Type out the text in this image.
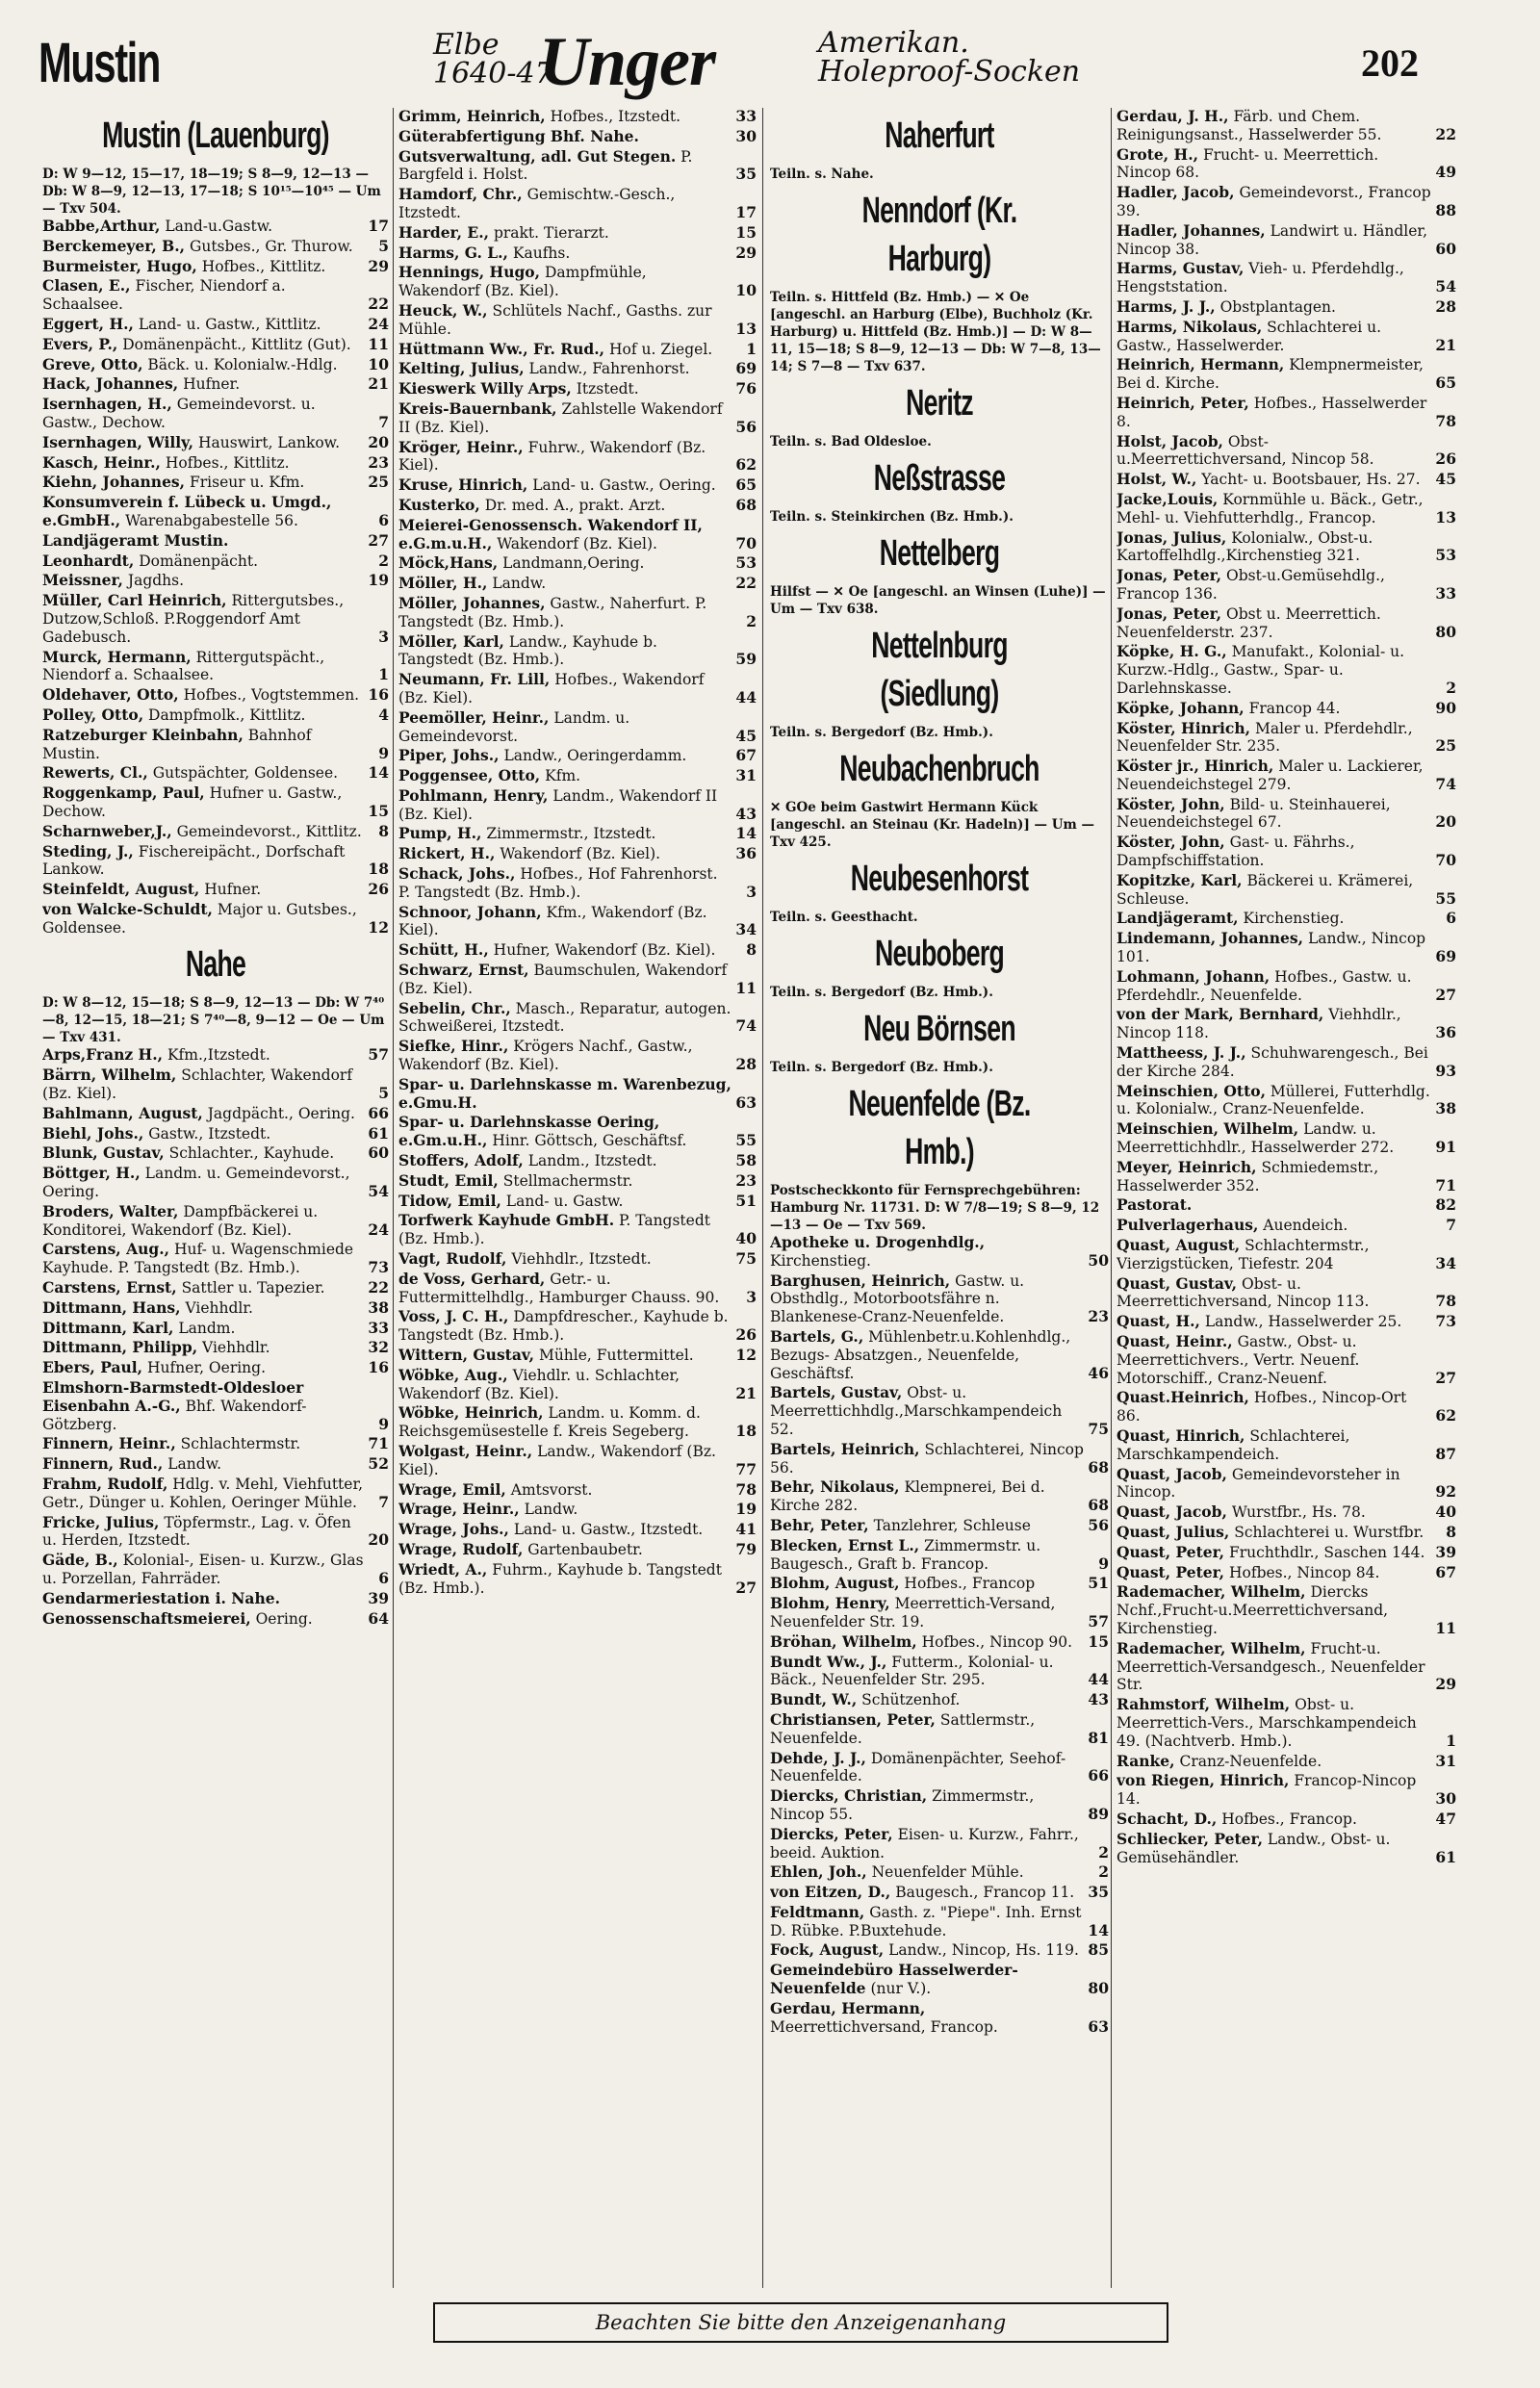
Mustin	Elbe
1640-47
Unger	Amerikan.
Holeproof-Socken	202
Mustin (Lauenburg)
D: W 9—12, 15—17, 18—19; S 8—9, 12—13 — Db: W 8—9, 12—13, 17—18; S 10¹⁵—10⁴⁵ — Um — Txv 504.
Babbe,Arthur, Land-u.Gastw.	17
Berckemeyer, B., Gutsbes., Gr. Thurow. 5
Burmeister, Hugo, Hofbes., Kittlitz.	29
Clasen, E., Fischer, Niendorf a. Schaalsee.	22
Eggert, H., Land- u. Gastw., Kittlitz.	24
Evers, P., Domänenpächt., Kittlitz (Gut). 11
Greve, Otto, Bäck. u. Kolonialw.-Hdlg. 10
Hack, Johannes, Hufner.	21
Isernhagen, H., Gemeindevorst. u. Gastw., Dechow.	7
Isernhagen, Willy, Hauswirt, Lankow. 20
Kasch, Heinr., Hofbes., Kittlitz.	23
Kiehn, Johannes, Friseur u. Kfm.	25
Konsumverein f. Lübeck u. Umgd., e.GmbH., Warenabgabestelle 56.	6
Landjägeramt Mustin.	27
Leonhardt, Domänenpächt.	2
Meissner, Jagdhs.	19
Müller, Carl Heinrich, Rittergutsbes., Dutzow,Schloß. P.Roggendorf Amt Gadebusch.	3
Murck, Hermann, Rittergutspächt., Niendorf a. Schaalsee.	1
Oldehaver, Otto, Hofbes., Vogtstemmen. 16
Polley, Otto, Dampfmolk., Kittlitz.	4
Ratzeburger Kleinbahn, Bahnhof Mustin.	9
Rewerts, Cl., Gutspächter, Goldensee. 14
Roggenkamp, Paul, Hufner u. Gastw., Dechow.	15
Scharnweber,J., Gemeindevorst., Kittlitz. 8
Steding, J., Fischereipächt., Dorfschaft Lankow.	18
Steinfeldt, August, Hufner.	26
von Walcke-Schuldt, Major u. Gutsbes., Goldensee.	12
Nahe
D: W 8—12, 15—18; S 8—9, 12—13 — Db: W 7⁴⁰—8, 12—15, 18—21; S 7⁴⁰—8, 9—12 — Oe — Um — Txv 431.
Arps,Franz H., Kfm.,Itzstedt.	57
Bärrn, Wilhelm, Schlachter, Wakendorf (Bz. Kiel).	5
Bahlmann, August, Jagdpächt., Oering. 66
Biehl, Johs., Gastw., Itzstedt.	61
Blunk, Gustav, Schlachter., Kayhude. 60
Böttger, H., Landm. u. Gemeindevorst., Oering.	54
Broders, Walter, Dampfbäckerei u. Konditorei, Wakendorf (Bz. Kiel).	24
Carstens, Aug., Huf- u. Wagenschmiede Kayhude. P. Tangstedt (Bz. Hmb.).	73
Carstens, Ernst, Sattler u. Tapezier.	22
Dittmann, Hans, Viehhdlr.	38
Dittmann, Karl, Landm.	33
Dittmann, Philipp, Viehhdlr.	32
Ebers, Paul, Hufner, Oering.	16
Elmshorn-Barmstedt-Oldesloer Eisenbahn A.-G., Bhf. Wakendorf-Götzberg.	9
Finnern, Heinr., Schlachtermstr.	71
Finnern, Rud., Landw.	52
Frahm, Rudolf, Hdlg. v. Mehl, Viehfutter, Getr., Dünger u. Kohlen, Oeringer Mühle. 7
Fricke, Julius, Töpfermstr., Lag. v. Öfen u. Herden, Itzstedt.	20
Gäde, B., Kolonial-, Eisen- u. Kurzw., Glas u. Porzellan, Fahrräder.	6
Gendarmeriestation i. Nahe.	39
Genossenschaftsmeierei, Oering.	64
Grimm, Heinrich, Hofbes., Itzstedt.	33
Güterabfertigung Bhf. Nahe.	30
Gutsverwaltung, adl. Gut Stegen. P. Bargfeld i. Holst.	35
Hamdorf, Chr., Gemischtw.-Gesch., Itzstedt.	17
Harder, E., prakt. Tierarzt.	15
Harms, G. L., Kaufhs.	29
Hennings, Hugo, Dampfmühle, Wakendorf (Bz. Kiel).	10
Heuck, W., Schlütels Nachf., Gasths. zur Mühle.	13
Hüttmann Ww., Fr. Rud., Hof u. Ziegel. 1
Kelting, Julius, Landw., Fahrenhorst.	69
Kieswerk Willy Arps, Itzstedt.	76
Kreis-Bauernbank, Zahlstelle Wakendorf II (Bz. Kiel).	56
Kröger, Heinr., Fuhrw., Wakendorf (Bz. Kiel).	62
Kruse, Hinrich, Land- u. Gastw., Oering. 65
Kusterko, Dr. med. A., prakt. Arzt.	68
Meierei-Genossensch. Wakendorf II, e.G.m.u.H., Wakendorf (Bz. Kiel).	70
Möck,Hans, Landmann,Oering.	53
Möller, H., Landw.	22
Möller, Johannes, Gastw., Naherfurt. P. Tangstedt (Bz. Hmb.).	2
Möller, Karl, Landw., Kayhude b. Tangstedt (Bz. Hmb.).	59
Neumann, Fr. Lill, Hofbes., Wakendorf (Bz. Kiel).	44
Peemöller, Heinr., Landm. u. Gemeindevorst.	45
Piper, Johs., Landw., Oeringerdamm.	67
Poggensee, Otto, Kfm.	31
Pohlmann, Henry, Landm., Wakendorf II (Bz. Kiel).	43
Pump, H., Zimmermstr., Itzstedt.	14
Rickert, H., Wakendorf (Bz. Kiel).	36
Schack, Johs., Hofbes., Hof Fahrenhorst. P. Tangstedt (Bz. Hmb.).	3
Schnoor, Johann, Kfm., Wakendorf (Bz. Kiel).	34
Schütt, H., Hufner, Wakendorf (Bz. Kiel). 8
Schwarz, Ernst, Baumschulen, Wakendorf (Bz. Kiel).	11
Sebelin, Chr., Masch., Reparatur, autogen. Schweißerei, Itzstedt.	74
Siefke, Hinr., Krögers Nachf., Gastw., Wakendorf (Bz. Kiel).	28
Spar- u. Darlehnskasse m. Warenbezug, e.Gmu.H.	63
Spar- u. Darlehnskasse Oering, e.Gm.u.H., Hinr. Göttsch, Geschäftsf.	55
Stoffers, Adolf, Landm., Itzstedt.	58
Studt, Emil, Stellmachermstr.	23
Tidow, Emil, Land- u. Gastw.	51
Torfwerk Kayhude GmbH. P. Tangstedt (Bz. Hmb.).	40
Vagt, Rudolf, Viehhdlr., Itzstedt.	75
de Voss, Gerhard, Getr.- u. Futtermittelhdlg., Hamburger Chauss. 90. 3
Voss, J. C. H., Dampfdrescher., Kayhude b. Tangstedt (Bz. Hmb.).	26
Wittern, Gustav, Mühle, Futtermittel.	12
Wöbke, Aug., Viehdlr. u. Schlachter, Wakendorf (Bz. Kiel).	21
Wöbke, Heinrich, Landm. u. Komm. d. Reichsgemüsestelle f. Kreis Segeberg.	18
Wolgast, Heinr., Landw., Wakendorf (Bz. Kiel).	77
Wrage, Emil, Amtsvorst.	78
Wrage, Heinr., Landw.	19
Wrage, Johs., Land- u. Gastw., Itzstedt. 41
Wrage, Rudolf, Gartenbaubetr.	79
Wriedt, A., Fuhrm., Kayhude b. Tangstedt (Bz. Hmb.).	27
Naherfurt
Teiln. s. Nahe.
Nenndorf (Kr. Harburg)
Teiln. s. Hittfeld (Bz. Hmb.) — ✕ Oe [angeschl. an Harburg (Elbe), Buchholz (Kr. Harburg) u. Hittfeld (Bz. Hmb.)] — D: W 8—11, 15—18; S 8—9, 12—13 — Db: W 7—8, 13—14; S 7—8 — Txv 637.
Neritz
Teiln. s. Bad Oldesloe.
Neßstrasse
Teiln. s. Steinkirchen (Bz. Hmb.).
Nettelberg
Hilfst — ✕ Oe [angeschl. an Winsen (Luhe)] — Um — Txv 638.
Nettelnburg (Siedlung)
Teiln. s. Bergedorf (Bz. Hmb.).
Neubachenbruch
✕ GOe beim Gastwirt Hermann Kück [angeschl. an Steinau (Kr. Hadeln)] — Um — Txv 425.
Neubesenhorst
Teiln. s. Geesthacht.
Neuboberg
Teiln. s. Bergedorf (Bz. Hmb.).
Neu Börnsen
Teiln. s. Bergedorf (Bz. Hmb.).
Neuenfelde (Bz. Hmb.)
Postscheckkonto für Fernsprechgebühren: Hamburg Nr. 11731. D: W 7/8—19; S 8—9, 12—13 — Oe — Txv 569.
Apotheke u. Drogenhdlg., Kirchenstieg.	50
Barghusen, Heinrich, Gastw. u. Obsthdlg., Motorbootsfähre n. Blankenese-Cranz-Neuenfelde.	23
Bartels, G., Mühlenbetr.u.Kohlenhdlg., Bezugs- Absatzgen., Neuenfelde, Geschäftsf.	46
Bartels, Gustav, Obst- u. Meerrettichhdlg.,Marschkampendeich 52.	75
Bartels, Heinrich, Schlachterei, Nincop 56.	68
Behr, Nikolaus, Klempnerei, Bei d. Kirche 282.	68
Behr, Peter, Tanzlehrer, Schleuse	56
Blecken, Ernst L., Zimmermstr. u. Baugesch., Graft b. Francop.	9
Blohm, August, Hofbes., Francop	51
Blohm, Henry, Meerrettich-Versand, Neuenfelder Str. 19.	57
Bröhan, Wilhelm, Hofbes., Nincop 90. 15
Bundt Ww., J., Futterm., Kolonial- u. Bäck., Neuenfelder Str. 295.	44
Bundt, W., Schützenhof.	43
Christiansen, Peter, Sattlermstr., Neuenfelde.	81
Dehde, J. J., Domänenpächter, Seehof-Neuenfelde.	66
Diercks, Christian, Zimmermstr., Nincop 55.	89
Diercks, Peter, Eisen- u. Kurzw., Fahrr., beeid. Auktion.	2
Ehlen, Joh., Neuenfelder Mühle.	2
von Eitzen, D., Baugesch., Francop 11. 35
Feldtmann, Gasth. z. "Piepe". Inh. Ernst D. Rübke. P.Buxtehude.	14
Fock, August, Landw., Nincop, Hs. 119. 85
Gemeindebüro Hasselwerder-Neuenfelde (nur V.).	80
Gerdau, Hermann, Meerrettichversand, Francop.	63
Gerdau, J. H., Färb. und Chem. Reinigungsanst., Hasselwerder 55.	22
Grote, H., Frucht- u. Meerrettich. Nincop 68.	49
Hadler, Jacob, Gemeindevorst., Francop 39.	88
Hadler, Johannes, Landwirt u. Händler, Nincop 38.	60
Harms, Gustav, Vieh- u. Pferdehdlg., Hengststation.	54
Harms, J. J., Obstplantagen.	28
Harms, Nikolaus, Schlachterei u. Gastw., Hasselwerder.	21
Heinrich, Hermann, Klempnermeister, Bei d. Kirche.	65
Heinrich, Peter, Hofbes., Hasselwerder 8.	78
Holst, Jacob, Obst-u.Meerrettichversand, Nincop 58.	26
Holst, W., Yacht- u. Bootsbauer, Hs. 27. 45
Jacke,Louis, Kornmühle u. Bäck., Getr., Mehl- u. Viehfutterhdlg., Francop.	13
Jonas, Julius, Kolonialw., Obst-u. Kartoffelhdlg.,Kirchenstieg 321.	53
Jonas, Peter, Obst-u.Gemüsehdlg., Francop 136.	33
Jonas, Peter, Obst u. Meerrettich. Neuenfelderstr. 237.	80
Köpke, H. G., Manufakt., Kolonial- u. Kurzw.-Hdlg., Gastw., Spar- u. Darlehnskasse.	2
Köpke, Johann, Francop 44.	90
Köster, Hinrich, Maler u. Pferdehdlr., Neuenfelder Str. 235.	25
Köster jr., Hinrich, Maler u. Lackierer, Neuendeichstegel 279.	74
Köster, John, Bild- u. Steinhauerei, Neuendeichstegel 67.	20
Köster, John, Gast- u. Fährhs., Dampfschiffstation.	70
Kopitzke, Karl, Bäckerei u. Krämerei, Schleuse.	55
Landjägeramt, Kirchenstieg.	6
Lindemann, Johannes, Landw., Nincop 101.	69
Lohmann, Johann, Hofbes., Gastw. u. Pferdehdlr., Neuenfelde.	27
von der Mark, Bernhard, Viehhdlr., Nincop 118.	36
Mattheess, J. J., Schuhwarengesch., Bei der Kirche 284.	93
Meinschien, Otto, Müllerei, Futterhdlg. u. Kolonialw., Cranz-Neuenfelde.	38
Meinschien, Wilhelm, Landw. u. Meerrettichhdlr., Hasselwerder 272.	91
Meyer, Heinrich, Schmiedemstr., Hasselwerder 352.	71
Pastorat.	82
Pulverlagerhaus, Auendeich.	7
Quast, August, Schlachtermstr., Vierzigstücken, Tiefestr. 204	34
Quast, Gustav, Obst- u. Meerrettichversand, Nincop 113.	78
Quast, H., Landw., Hasselwerder 25. 73
Quast, Heinr., Gastw., Obst- u. Meerrettichvers., Vertr. Neuenf. Motorschiff., Cranz-Neuenf.	27
Quast.Heinrich, Hofbes., Nincop-Ort 86.	62
Quast, Hinrich, Schlachterei, Marschkampendeich.	87
Quast, Jacob, Gemeindevorsteher in Nincop.	92
Quast, Jacob, Wurstfbr., Hs. 78.	40
Quast, Julius, Schlachterei u. Wurstfbr. 8
Quast, Peter, Fruchthdlr., Saschen 144. 39
Quast, Peter, Hofbes., Nincop 84.	67
Rademacher, Wilhelm, Diercks Nchf.,Frucht-u.Meerrettichversand, Kirchenstieg.	11
Rademacher, Wilhelm, Frucht-u. Meerrettich-Versandgesch., Neuenfelder Str.	29
Rahmstorf, Wilhelm, Obst- u. Meerrettich-Vers., Marschkampendeich 49. (Nachtverb. Hmb.).	1
Ranke, Cranz-Neuenfelde.	31
von Riegen, Hinrich, Francop-Nincop 14.	30
Schacht, D., Hofbes., Francop.	47
Schliecker, Peter, Landw., Obst- u. Gemüsehändler.	61
Beachten Sie bitte den Anzeigenanhang
